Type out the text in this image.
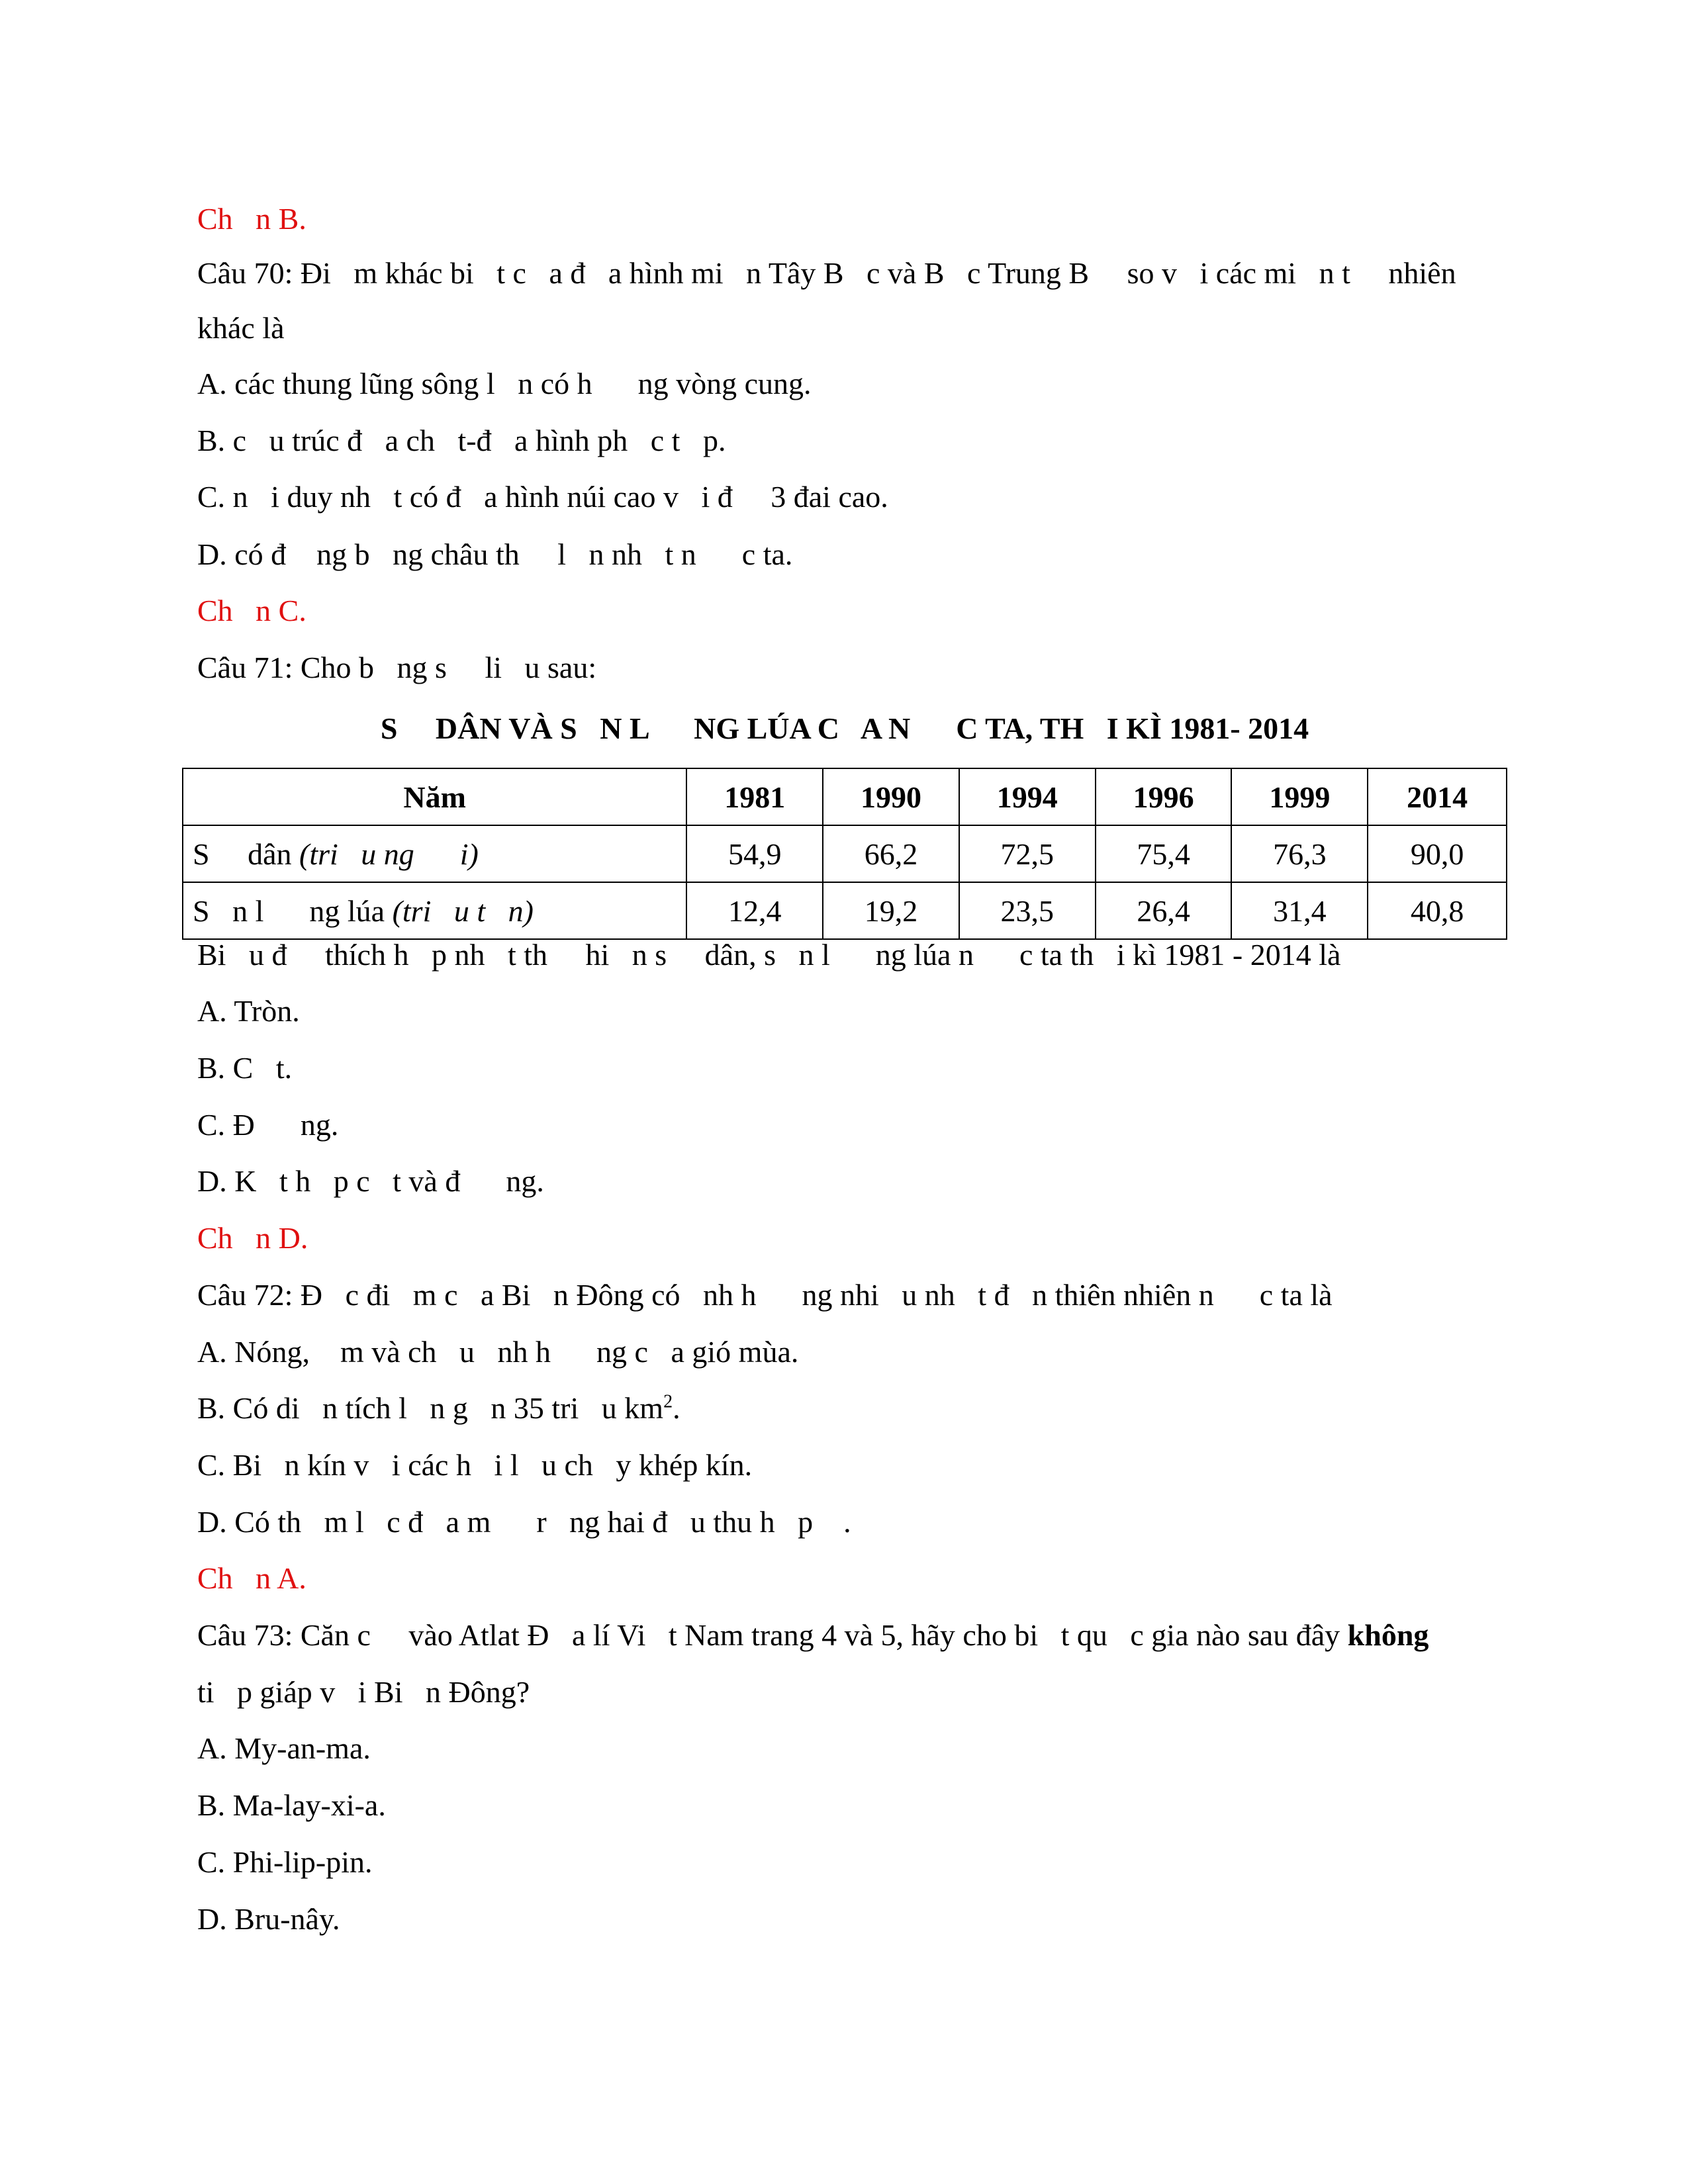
Ch   n B.
Câu 70: Đi   m khác bi   t c   a đ   a hình mi   n Tây B   c và B   c Trung B     so v   i các mi   n t     nhiên
khác là
A. các thung lũng sông l   n có h      ng vòng cung.
B. c   u trúc đ   a ch   t-đ   a hình ph   c t   p.
C. n   i duy nh   t có đ   a hình núi cao v   i đ     3 đai cao.
D. có đ    ng b   ng châu th     l   n nh   t n      c ta.
Ch   n C.
Câu 71: Cho b   ng s     li   u sau:
S     DÂN VÀ S   N L      NG LÚA C   A N      C TA, TH   I KÌ 1981- 2014
Năm	1981	1990	1994	1996	1999	2014
S     dân (tri   u ng      i)	54,9	66,2	72,5	75,4	76,3	90,0
S   n l      ng lúa (tri   u t   n)	12,4	19,2	23,5	26,4	31,4	40,8
Bi   u đ     thích h   p nh   t th     hi   n s     dân, s   n l      ng lúa n      c ta th   i kì 1981 - 2014 là
A. Tròn.
B. C   t.
C. Đ      ng.
D. K   t h   p c   t và đ      ng.
Ch   n D.
Câu 72: Đ   c đi   m c   a Bi   n Đông có   nh h      ng nhi   u nh   t đ   n thiên nhiên n      c ta là
A. Nóng,    m và ch   u   nh h      ng c   a gió mùa.
B. Có di   n tích l   n g   n 35 tri   u $km^2$.
C. Bi   n kín v   i các h   i l   u ch   y khép kín.
D. Có th   m l   c đ   a m      r   ng hai đ   u thu h   p    .
Ch   n A.
Câu 73: Căn c     vào Atlat Đ   a lí Vi   t Nam trang 4 và 5, hãy cho bi   t qu   c gia nào sau đây không
ti   p giáp v   i Bi   n Đông?
A. My-an-ma.
B. Ma-lay-xi-a.
C. Phi-lip-pin.
D. Bru-nây.
